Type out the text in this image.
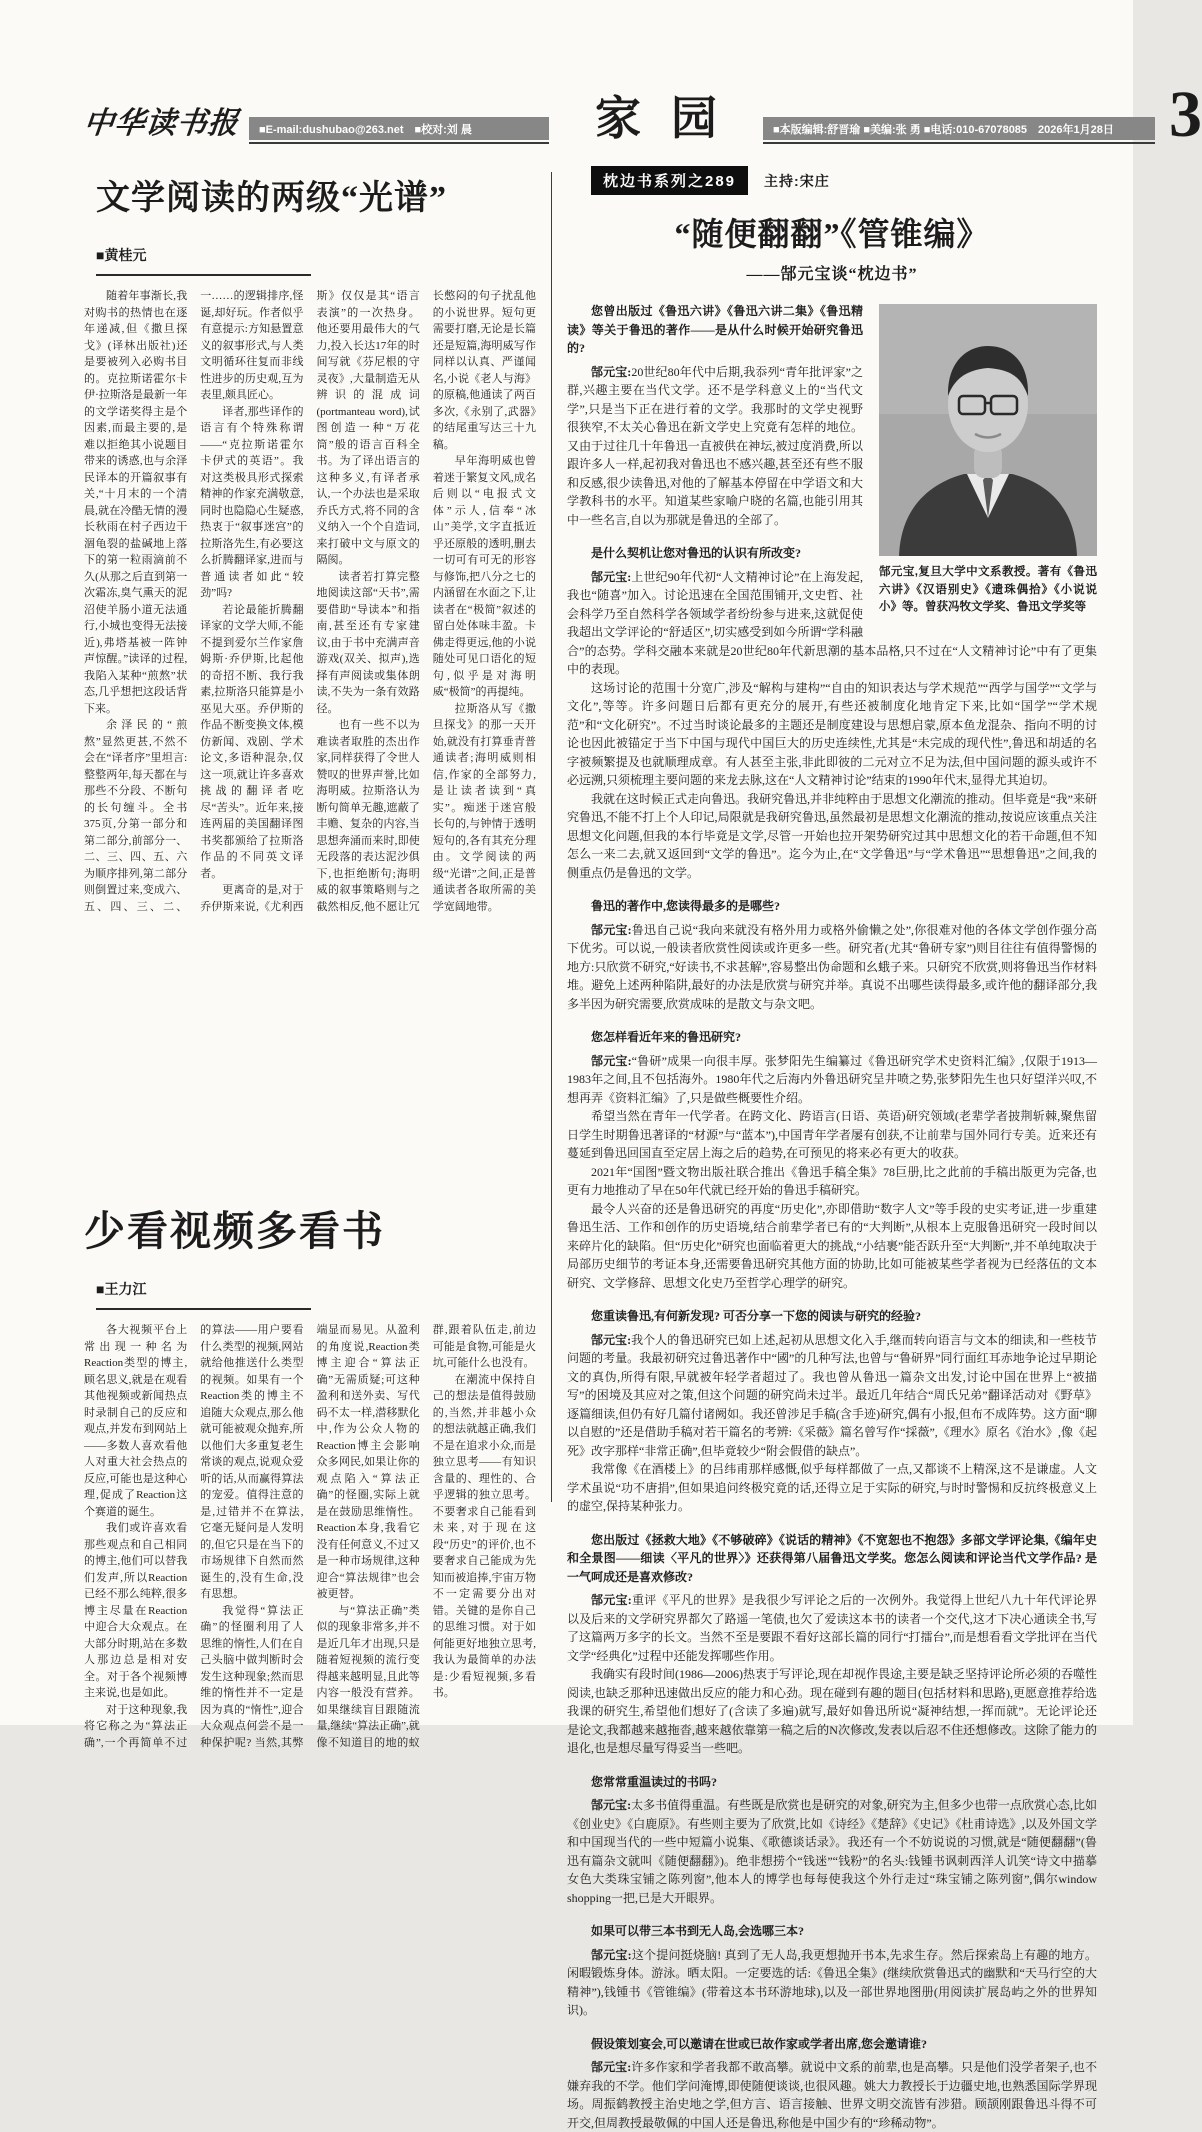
中华读书报	■E-mail:dushubao@263.net　■校对:刘 晨	家园	■本版编辑:舒晋瑜 ■美编:张 勇 ■电话:010-67078085　2026年1月28日 3
文学阅读的两级“光谱”
■黄桂元

随着年事渐长,我对购书的热情也在逐年递减,但《撒旦探戈》(译林出版社)还是要被列入必购书目的。克拉斯诺霍尔卡伊·拉斯洛是最新一年的文学诺奖得主是个因素,而最主要的,是难以拒绝其小说题目带来的诱惑,也与余泽民译本的开篇叙事有关,“十月末的一个清晨,就在冷酷无情的漫长秋雨在村子西边干涸龟裂的盐碱地上落下的第一粒雨滴前不久(从那之后直到第一次霜冻,臭气熏天的泥沼使羊肠小道无法通行,小城也变得无法接近),弗塔基被一阵钟声惊醒。”读译的过程,我陷入某种“煎熬”状态,几乎想把这段话背下来。

余泽民的“煎熬”显然更甚,不然不会在“译者序”里坦言:整整两年,每天都在与那些不分段、不断句的长句缠斗。全书375页,分第一部分和第二部分,前部分一、二、三、四、五、六为顺序排列,第二部分则倒置过来,变成六、五、四、三、二、一……的逻辑排序,怪诞,却好玩。作者似乎有意提示:方知悬置意义的叙事形式,与人类文明循环往复而非线性进步的历史观,互为表里,颇具匠心。

译者,那些译作的语言有个特殊称谓——“克拉斯诺霍尔卡伊式的英语”。我对这类极具形式探索精神的作家充满敬意,同时也隐隐心生疑惑,热衷于“叙事迷宫”的拉斯洛先生,有必要这么折腾翻译家,进而与普通读者如此“较劲”吗?

若论最能折腾翻译家的文学大师,不能不提到爱尔兰作家詹姆斯·乔伊斯,比起他的奇招不断、我行我素,拉斯洛只能算是小巫见大巫。乔伊斯的作品不断变换文体,模仿新闻、戏剧、学术论文,多语种混杂,仅这一项,就让许多喜欢挑战的翻译者吃尽“苦头”。近年来,接连两届的美国翻译图书奖都颁给了拉斯洛作品的不同英文译者。

更离奇的是,对于乔伊斯来说,《尤利西斯》仅仅是其“语言表演”的一次热身。他还要用最伟大的气力,投入长达17年的时间写就《芬尼根的守灵夜》,大量制造无从辨识的混成词(portmanteau word),试图创造一种“万花筒”般的语言百科全书。为了译出语言的这种多义,有译者承认,一个办法也是采取乔氏方式,将不同的含义纳入一个个自造词,来打破中文与原文的隔阂。

读者若打算完整地阅读这部“天书”,需要借助“导读本”和指南,甚至还有专家建议,由于书中充满声音游戏(双关、拟声),选择有声阅读或集体朗读,不失为一条有效路径。

也有一些不以为难读者取胜的杰出作家,同样获得了令世人赞叹的世界声誉,比如海明威。拉斯洛认为断句简单无趣,遮蔽了丰赡、复杂的内容,当思想奔涌而来时,即使无段落的表达泥沙俱下,也拒绝断句;海明威的叙事策略则与之截然相反,他不愿让冗长憋闷的句子扰乱他的小说世界。短句更需要打磨,无论是长篇还是短篇,海明威写作同样以认真、严谨闻名,小说《老人与海》的原稿,他通读了两百多次,《永别了,武器》的结尾重写达三十九稿。

早年海明威也曾着迷于繁复文风,成名后则以“电报式文体”示人,信奉“冰山”美学,文字直抵近乎还原般的透明,删去一切可有可无的形容与修饰,把八分之七的内涵留在水面之下,让读者在“极简”叙述的留白处体味丰盈。卡佛走得更远,他的小说随处可见口语化的短句,似乎是对海明威“极简”的再提纯。

拉斯洛从写《撒旦探戈》的那一天开始,就没有打算垂青普通读者;海明威则相信,作家的全部努力,是让读者读到“真实”。痴迷于迷宫般长句的,与钟情于透明短句的,各有其充分理由。文学阅读的两级“光谱”之间,正是普通读者各取所需的美学宽阔地带。

少看视频多看书
■王力江

各大视频平台上常出现一种名为Reaction类型的博主,顾名思义,就是在观看其他视频或新闻热点时录制自己的反应和观点,并发布到网站上——多数人喜欢看他人对重大社会热点的反应,可能也是这种心理,促成了Reaction这个赛道的诞生。

我们或许喜欢看那些观点和自己相同的博主,他们可以替我们发声,所以Reaction已经不那么纯粹,很多博主尽量在Reaction中迎合大众观点。在大部分时期,站在多数人那边总是相对安全。对于各个视频博主来说,也是如此。

对于这种现象,我将它称之为“算法正确”,一个再简单不过的算法——用户要看什么类型的视频,网站就给他推送什么类型的视频。如果有一个Reaction类的博主不追随大众观点,那么他就可能被观众抛弃,所以他们大多重复老生常谈的观点,说观众爱听的话,从而赢得算法的宠爱。值得注意的是,过错并不在算法,它毫无疑问是人发明的,但它只是在当下的市场规律下自然而然诞生的,没有生命,没有思想。

我觉得“算法正确”的怪圈利用了人思维的惰性,人们在自己头脑中做判断时会发生这种现象;然而思维的惰性并不一定是因为真的“惰性”,迎合大众观点何尝不是一种保护呢? 当然,其弊端显而易见。从盈利的角度说,Reaction类博主迎合“算法正确”无需质疑;可这种盈利和送外卖、写代码不太一样,潜移默化中,作为公众人物的Reaction博主会影响众多网民,如果让你的观点陷入“算法正确”的怪圈,实际上就是在鼓励思维惰性。Reaction本身,我看它没有任何意义,不过又是一种市场规律,这种迎合“算法规律”也会被更替。

与“算法正确”类似的现象非常多,并不是近几年才出现,只是随着短视频的流行变得越来越明显,且此等内容一般没有营养。如果继续盲目跟随流量,继续“算法正确”,就像不知道目的地的蚁群,跟着队伍走,前边可能是食物,可能是火坑,可能什么也没有。

在潮流中保持自己的想法是值得鼓励的,当然,并非越小众的想法就越正确,我们不是在追求小众,而是独立思考——有知识含量的、理性的、合乎逻辑的独立思考。不要奢求自己能看到未来,对于现在这段“历史”的评价,也不要奢求自己能成为先知而被追捧,宇宙万物不一定需要分出对错。关键的是你自己的思维习惯。对于如何能更好地独立思考,我认为最简单的办法是:少看短视频,多看书。

枕边书系列之289	主持:宋庄
“随便翻翻”《管锥编》
——郜元宝谈“枕边书”
郜元宝,复旦大学中文系教授。著有《鲁迅六讲》《汉语别史》《遗珠偶拾》《小说说小》等。曾获冯牧文学奖、鲁迅文学奖等

您曾出版过《鲁迅六讲》《鲁迅六讲二集》《鲁迅精读》等关于鲁迅的著作——是从什么时候开始研究鲁迅的?

郜元宝:20世纪80年代中后期,我忝列“青年批评家”之群,兴趣主要在当代文学。还不是学科意义上的“当代文学”,只是当下正在进行着的文学。我那时的文学史视野很狭窄,不太关心鲁迅在新文学史上究竟有怎样的地位。又由于过往几十年鲁迅一直被供在神坛,被过度消费,所以跟许多人一样,起初我对鲁迅也不感兴趣,甚至还有些不服和反感,很少读鲁迅,对他的了解基本停留在中学语文和大学教科书的水平。知道某些家喻户晓的名篇,也能引用其中一些名言,自以为那就是鲁迅的全部了。

是什么契机让您对鲁迅的认识有所改变?

郜元宝:上世纪90年代初“人文精神讨论”在上海发起,我也“随喜”加入。讨论迅速在全国范围铺开,文史哲、社会科学乃至自然科学各领域学者纷纷参与进来,这就促使我超出文学评论的“舒适区”,切实感受到如今所谓“学科融合”的态势。学科交融本来就是20世纪80年代新思潮的基本品格,只不过在“人文精神讨论”中有了更集中的表现。

这场讨论的范围十分宽广,涉及“解构与建构”“自由的知识表达与学术规范”“西学与国学”“文学与文化”,等等。许多问题日后都有更充分的展开,有些还被制度化地肯定下来,比如“国学”“学术规范”和“文化研究”。不过当时谈论最多的主题还是制度建设与思想启蒙,原本鱼龙混杂、指向不明的讨论也因此被锚定于当下中国与现代中国巨大的历史连续性,尤其是“未完成的现代性”,鲁迅和胡适的名字被频繁提及也就顺理成章。有人甚至主张,非此即彼的二元对立不足为法,但中国问题的源头或许不必远溯,只须梳理主要问题的来龙去脉,这在“人文精神讨论”结束的1990年代末,显得尤其迫切。

我就在这时候正式走向鲁迅。我研究鲁迅,并非纯粹由于思想文化潮流的推动。但毕竟是“我”来研究鲁迅,不能不打上个人印记,局限就是我研究鲁迅,虽然最初是思想文化潮流的推动,按说应该重点关注思想文化问题,但我的本行毕竟是文学,尽管一开始也拉开架势研究过其中思想文化的若干命题,但不知怎么一来二去,就又返回到“文学的鲁迅”。迄今为止,在“文学鲁迅”与“学术鲁迅”“思想鲁迅”之间,我的侧重点仍是鲁迅的文学。

鲁迅的著作中,您读得最多的是哪些?

郜元宝:鲁迅自己说“我向来就没有格外用力或格外偷懒之处”,你很难对他的各体文学创作强分高下优劣。可以说,一般读者欣赏性阅读或许更多一些。研究者(尤其“鲁研专家”)则目往往有值得警惕的地方:只欣赏不研究,“好读书,不求甚解”,容易整出伪命题和幺蛾子来。只研究不欣赏,则将鲁迅当作材料堆。避免上述两种陷阱,最好的办法是欣赏与研究并举。真说不出哪些读得最多,或许他的翻译部分,我多半因为研究需要,欣赏成味的是散文与杂文吧。

您怎样看近年来的鲁迅研究?

郜元宝:“鲁研”成果一向很丰厚。张梦阳先生编纂过《鲁迅研究学术史资料汇编》,仅限于1913—1983年之间,且不包括海外。1980年代之后海内外鲁迅研究呈井喷之势,张梦阳先生也只好望洋兴叹,不想再弄《资料汇编》了,只是做些概要性介绍。

希望当然在青年一代学者。在跨文化、跨语言(日语、英语)研究领域(老辈学者披荆斩棘,聚焦留日学生时期鲁迅著译的“材源”与“蓝本”),中国青年学者屡有创获,不让前辈与国外同行专美。近来还有蔓延到鲁迅回国直至定居上海之后的趋势,在可预见的将来必有更大的收获。

2021年“国图”暨文物出版社联合推出《鲁迅手稿全集》78巨册,比之此前的手稿出版更为完备,也更有力地推动了早在50年代就已经开始的鲁迅手稿研究。

最令人兴奋的还是鲁迅研究的再度“历史化”,亦即借助“数字人文”等手段的史实考证,进一步重建鲁迅生活、工作和创作的历史语境,结合前辈学者已有的“大判断”,从根本上克服鲁迅研究一段时间以来碎片化的缺陷。但“历史化”研究也面临着更大的挑战,“小结裹”能否跃升至“大判断”,并不单纯取决于局部历史细节的考证本身,还需要鲁迅研究其他方面的协助,比如可能被某些学者视为已经落伍的文本研究、文学修辞、思想文化史乃至哲学心理学的研究。

您重读鲁迅,有何新发现? 可否分享一下您的阅读与研究的经验?

郜元宝:我个人的鲁迅研究已如上述,起初从思想文化入手,继而转向语言与文本的细读,和一些枝节问题的考量。我最初研究过鲁迅著作中“國”的几种写法,也曾与“鲁研界”同行面红耳赤地争论过早期论文的真伪,所得有限,早就被年轻学者超过了。我也曾从鲁迅一篇杂文出发,讨论中国在世界上“被描写”的困境及其应对之策,但这个问题的研究尚未过半。最近几年结合“周氏兄弟”翻译活动对《野草》逐篇细读,但仍有好几篇付诸阙如。我还曾涉足手稿(含手迹)研究,偶有小报,但布不成阵势。这方面“聊以自慰的”还是借助手稿对若干篇名的考辨:《采薇》篇名曾写作“採薇”,《理水》原名《治水》,像《起死》改字那样“非常正确”,但毕竟较少“附会假借的缺点”。

我常像《在酒楼上》的吕纬甫那样感慨,似乎每样都做了一点,又都谈不上精深,这不是谦虚。人文学术虽说“功不唐捐”,但如果追问终极究竟的话,还得立足于实际的研究,与时时警惕和反抗终极意义上的虚空,保持某种张力。

您出版过《拯救大地》《不够破碎》《说话的精神》《不宽恕也不抱怨》多部文学评论集,《编年史和全景图——细读〈平凡的世界〉》还获得第八届鲁迅文学奖。您怎么阅读和评论当代文学作品? 是一气呵成还是喜欢修改?

郜元宝:重评《平凡的世界》是我很少写评论之后的一次例外。我觉得上世纪八九十年代评论界以及后来的文学研究界都欠了路遥一笔债,也欠了爱读这本书的读者一个交代,这才下决心通读全书,写了这篇两万多字的长文。当然不至是要跟不看好这部长篇的同行“打擂台”,而是想看看文学批评在当代文学“经典化”过程中还能发挥哪些作用。

我确实有段时间(1986—2006)热衷于写评论,现在却视作畏途,主要是缺乏坚持评论所必须的吞噬性阅读,也缺乏那种迅速做出反应的能力和心劲。现在碰到有趣的题目(包括材料和思路),更愿意推荐给选我课的研究生,希望他们想好了(含读了多遍)就写,最好如鲁迅所说“凝神结想,一挥而就”。无论评论还是论文,我都越来越拖沓,越来越依靠第一稿之后的N次修改,发表以后忍不住还想修改。这除了能力的退化,也是想尽量写得妥当一些吧。

您常常重温读过的书吗?

郜元宝:太多书值得重温。有些既是欣赏也是研究的对象,研究为主,但多少也带一点欣赏心态,比如《创业史》《白鹿原》。有些则主要为了欣赏,比如《诗经》《楚辞》《史记》《杜甫诗选》,以及外国文学和中国现当代的一些中短篇小说集、《歌德谈话录》。我还有一个不妨说说的习惯,就是“随便翻翻”(鲁迅有篇杂文就叫《随便翻翻》)。绝非想捞个“钱迷”“钱粉”的名头:钱锺书讽刺西洋人讥笑“诗文中描摹女色大类珠宝铺之陈列窗”,他本人的博学也每每使我这个外行走过“珠宝铺之陈列窗”,偶尔window shopping一把,已是大开眼界。

如果可以带三本书到无人岛,会选哪三本?

郜元宝:这个提问挺烧脑! 真到了无人岛,我更想抛开书本,先求生存。然后探索岛上有趣的地方。闲暇锻炼身体。游泳。晒太阳。一定要选的话:《鲁迅全集》(继续欣赏鲁迅式的幽默和“天马行空的大精神”),钱锺书《管锥编》(带着这本书环游地球),以及一部世界地图册(用阅读扩展岛屿之外的世界知识)。

假设策划宴会,可以邀请在世或已故作家或学者出席,您会邀请谁?

郜元宝:许多作家和学者我都不敢高攀。就说中文系的前辈,也是高攀。只是他们没学者架子,也不嫌弃我的不学。他们学问淹博,即使随便谈谈,也很风趣。姚大力教授长于边疆史地,也熟悉国际学界现场。周振鹤教授主治史地之学,但方言、语言接触、世界文明交流皆有涉猎。顾颉刚跟鲁迅斗得不可开交,但周教授最敬佩的中国人还是鲁迅,称他是中国少有的“珍稀动物”。
